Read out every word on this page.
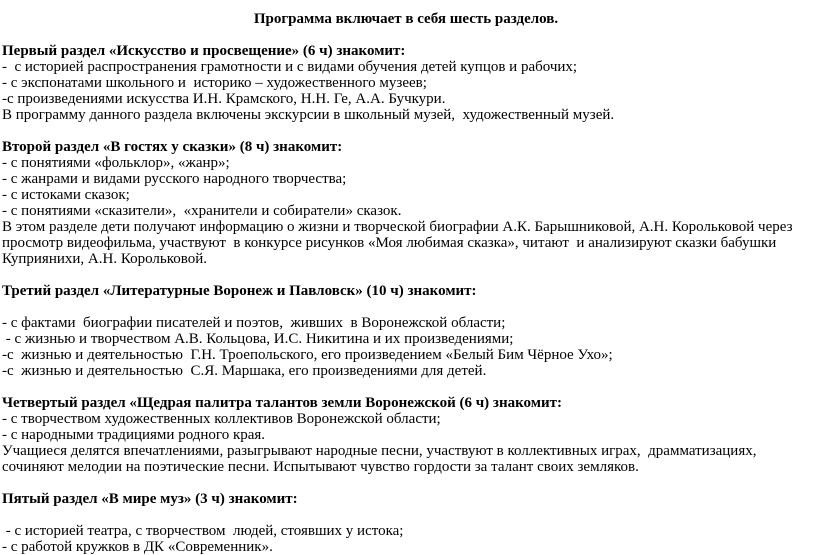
Программа включает в себя шесть разделов.

Первый раздел «Искусство и просвещение» (6 ч) знакомит:

-  с историей распространения грамотности и с видами обучения детей купцов и рабочих;

- с экспонатами школьного и  историко – художественного музеев;

-с произведениями искусства И.Н. Крамского, Н.Н. Ге, А.А. Бучкури.

В программу данного раздела включены экскурсии в школьный музей,  художественный музей.

Второй раздел «В гостях у сказки» (8 ч) знакомит:

- с понятиями «фольклор», «жанр»;

- с жанрами и видами русского народного творчества;

- с истоками сказок;

- с понятиями «сказители»,  «хранители и собиратели» сказок.

В этом разделе дети получают информацию о жизни и творческой биографии А.К. Барышниковой, А.Н. Корольковой через просмотр видеофильма, участвуют  в конкурсе рисунков «Моя любимая сказка», читают  и анализируют сказки бабушки Куприянихи, А.Н. Корольковой.

Третий раздел «Литературные Воронеж и Павловск» (10 ч) знакомит:

- с фактами  биографии писателей и поэтов,  живших  в Воронежской области;

- с жизнью и творчеством А.В. Кольцова, И.С. Никитина и их произведениями;

-с  жизнью и деятельностью  Г.Н. Троепольского, его произведением «Белый Бим Чёрное Ухо»;

-с  жизнью и деятельностью  С.Я. Маршака, его произведениями для детей.

Четвертый раздел «Щедрая палитра талантов земли Воронежской (6 ч) знакомит:

- с творчеством художественных коллективов Воронежской области;

- с народными традициями родного края.

Учащиеся делятся впечатлениями, разыгрывают народные песни, участвуют в коллективных играх,  драмматизациях, сочиняют мелодии на поэтические песни. Испытывают чувство гордости за талант своих земляков.

Пятый раздел «В мире муз» (3 ч) знакомит:

- с историей театра, с творчеством  людей, стоявших у истока;

- с работой кружков в ДК «Современник».
